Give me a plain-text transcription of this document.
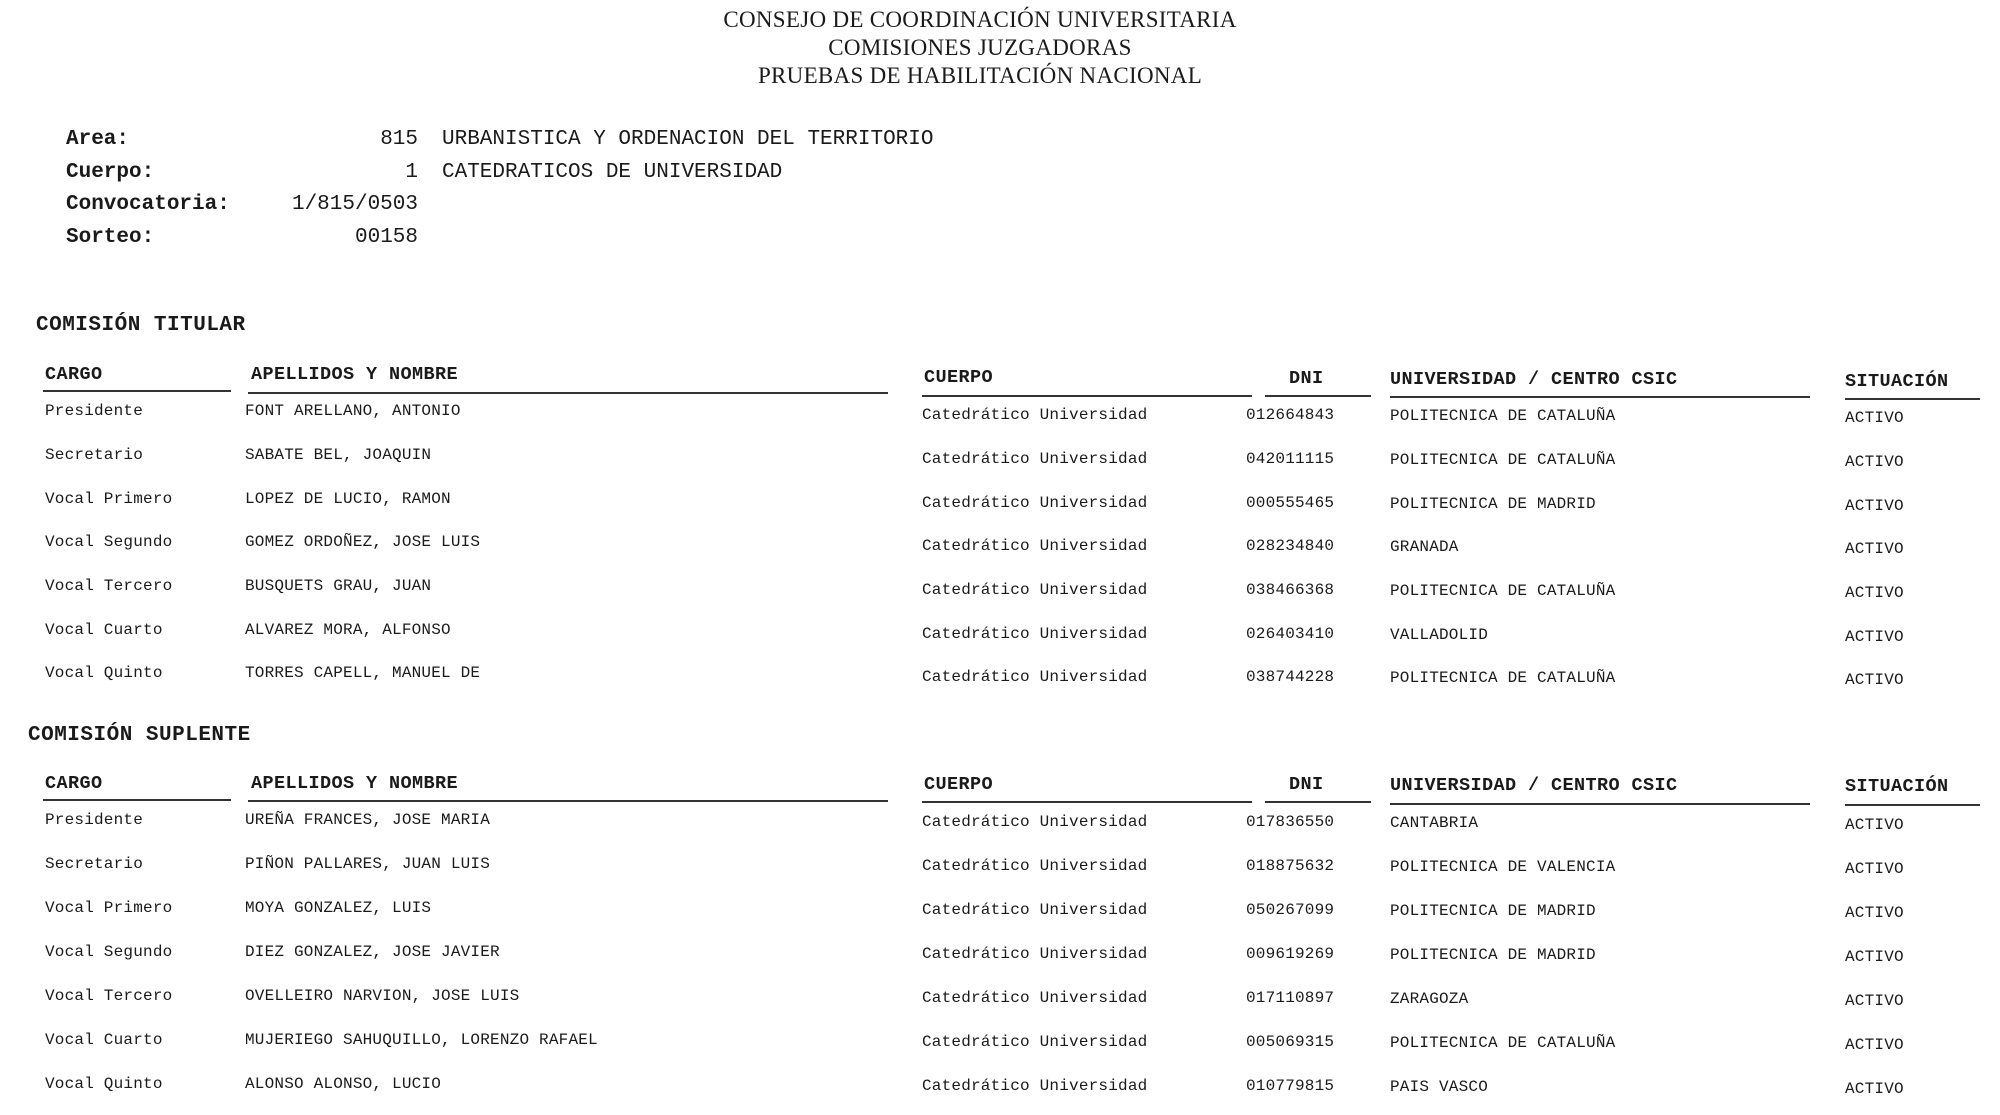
CONSEJO DE COORDINACIÓN UNIVERSITARIA
COMISIONES JUZGADORAS
PRUEBAS DE HABILITACIÓN NACIONAL
Area:	815 URBANISTICA Y ORDENACION DEL TERRITORIO
Cuerpo:	1 CATEDRATICOS DE UNIVERSIDAD
Convocatoria:	1/815/0503
Sorteo:	00158
COMISIÓN TITULAR
CARGO	APELLIDOS Y NOMBRE	CUERPO	DNI	UNIVERSIDAD / CENTRO CSIC	SITUACIÓN
Presidente	FONT ARELLANO, ANTONIO	Catedrático Universidad	012664843	POLITECNICA DE CATALUÑA	ACTIVO
Secretario	SABATE BEL, JOAQUIN	Catedrático Universidad	042011115	POLITECNICA DE CATALUÑA	ACTIVO
Vocal Primero	LOPEZ DE LUCIO, RAMON	Catedrático Universidad	000555465	POLITECNICA DE MADRID	ACTIVO
Vocal Segundo	GOMEZ ORDOÑEZ, JOSE LUIS	Catedrático Universidad	028234840	GRANADA	ACTIVO
Vocal Tercero	BUSQUETS GRAU, JUAN	Catedrático Universidad	038466368	POLITECNICA DE CATALUÑA	ACTIVO
Vocal Cuarto	ALVAREZ MORA, ALFONSO	Catedrático Universidad	026403410	VALLADOLID	ACTIVO
Vocal Quinto	TORRES CAPELL, MANUEL DE	Catedrático Universidad	038744228	POLITECNICA DE CATALUÑA	ACTIVO
COMISIÓN SUPLENTE
CARGO	APELLIDOS Y NOMBRE	CUERPO	DNI	UNIVERSIDAD / CENTRO CSIC	SITUACIÓN
Presidente	UREÑA FRANCES, JOSE MARIA	Catedrático Universidad	017836550	CANTABRIA	ACTIVO
Secretario	PIÑON PALLARES, JUAN LUIS	Catedrático Universidad	018875632	POLITECNICA DE VALENCIA	ACTIVO
Vocal Primero	MOYA GONZALEZ, LUIS	Catedrático Universidad	050267099	POLITECNICA DE MADRID	ACTIVO
Vocal Segundo	DIEZ GONZALEZ, JOSE JAVIER	Catedrático Universidad	009619269	POLITECNICA DE MADRID	ACTIVO
Vocal Tercero	OVELLEIRO NARVION, JOSE LUIS	Catedrático Universidad	017110897	ZARAGOZA	ACTIVO
Vocal Cuarto	MUJERIEGO SAHUQUILLO, LORENZO RAFAEL	Catedrático Universidad	005069315	POLITECNICA DE CATALUÑA	ACTIVO
Vocal Quinto	ALONSO ALONSO, LUCIO	Catedrático Universidad	010779815	PAIS VASCO	ACTIVO
